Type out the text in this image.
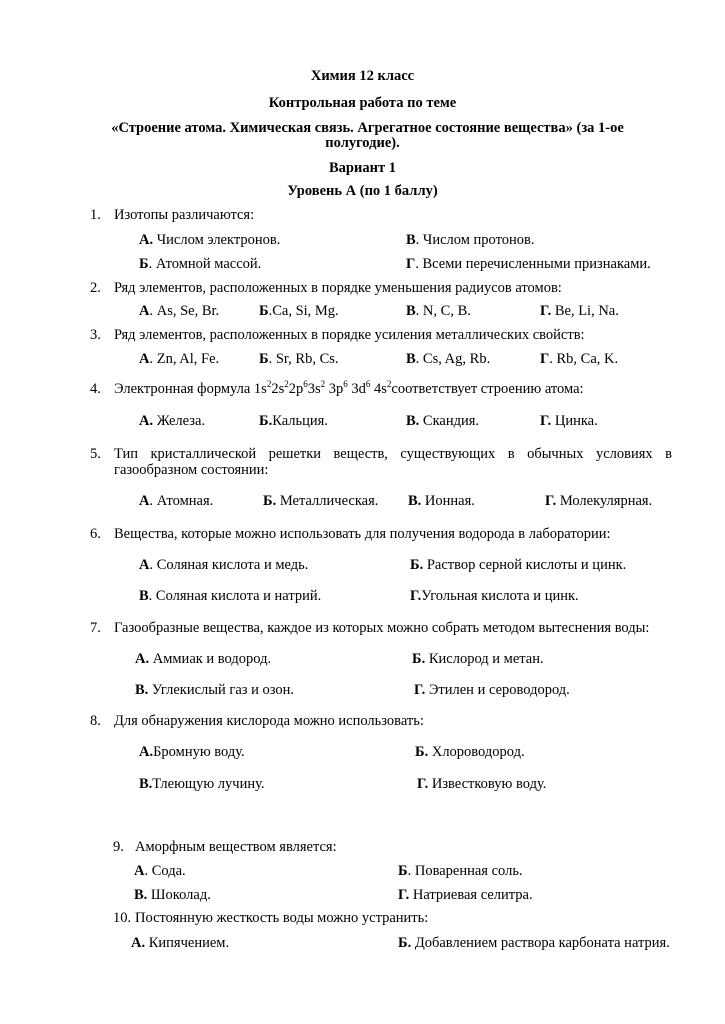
Химия 12 класс
Контрольная работа по теме
«Строение атома. Химическая связь. Агрегатное состояние вещества» (за 1-ое
полугодие).
Вариант 1
Уровень А (по 1 баллу)
1. Изотопы различаются:
А. Числом электронов.	В. Числом протонов.
Б. Атомной массой.	Г. Всеми перечисленными признаками.
2. Ряд элементов, расположенных в порядке уменьшения радиусов атомов:
А. As, Se, Br.	Б.Ca, Si, Mg.	В. N, C, B.	Г. Be, Li, Na.
3. Ряд элементов, расположенных в порядке усиления металлических свойств:
А. Zn, Al, Fe.	Б. Sr, Rb, Cs.	В. Cs, Ag, Rb.	Г. Rb, Ca, K.
4. Электронная формула $1s^22s^22p^63s^2$ $3p^6$ $3d^6$ $4s^2соответствует$ строению атома:
А. Железа.	Б.Кальция.	В. Скандия.	Г. Цинка.
5. Тип кристаллической решетки веществ, существующих в обычных условиях в
газообразном состоянии:
А. Атомная.	Б. Металлическая. В. Ионная.	Г. Молекулярная.
6. Вещества, которые можно использовать для получения водорода в лаборатории:
А. Соляная кислота и медь.	Б. Раствор серной кислоты и цинк.
В. Соляная кислота и натрий.	Г.Угольная кислота и цинк.
7. Газообразные вещества, каждое из которых можно собрать методом вытеснения воды:
А. Аммиак и водород.	Б. Кислород и метан.
В. Углекислый газ и озон.	Г. Этилен и сероводород.
8. Для обнаружения кислорода можно использовать:
А.Бромную воду.	Б. Хлороводород.
В.Тлеющую лучину.	Г. Известковую воду.
9. Аморфным веществом является:
А. Сода.	Б. Поваренная соль.
В. Шоколад.	Г. Натриевая селитра.
10. Постоянную жесткость воды можно устранить:
А. Кипячением.	Б. Добавлением раствора карбоната натрия.
